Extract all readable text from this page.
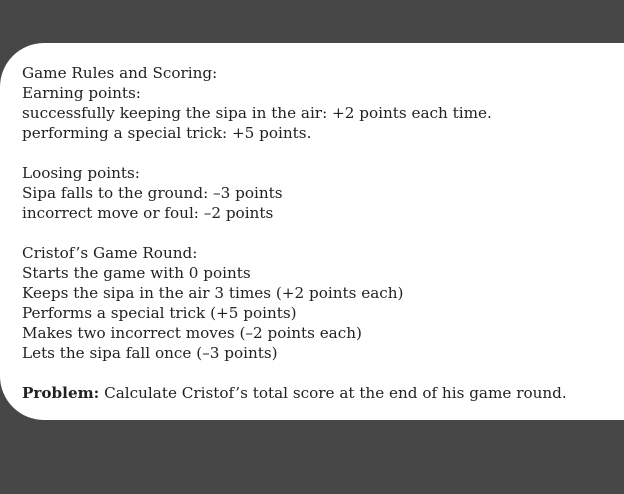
Game Rules and Scoring:
Earning points:
successfully keeping the sipa in the air: +2 points each time.
performing a special trick: +5 points.
Loosing points:
Sipa falls to the ground: –3 points
incorrect move or foul: –2 points
Cristof’s Game Round:
Starts the game with 0 points
Keeps the sipa in the air 3 times (+2 points each)
Performs a special trick (+5 points)
Makes two incorrect moves (–2 points each)
Lets the sipa fall once (–3 points)
Problem: Calculate Cristof’s total score at the end of his game round.
